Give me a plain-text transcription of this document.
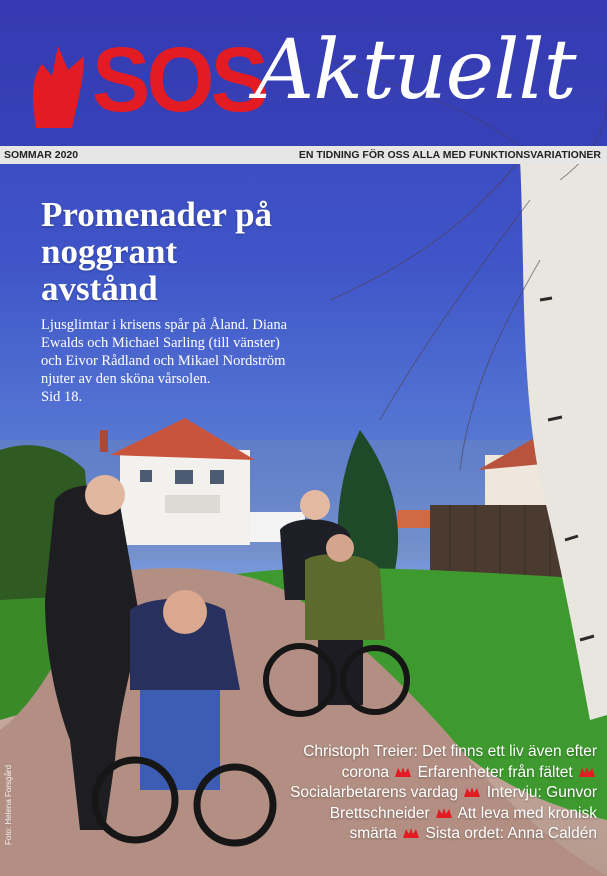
SOS
Aktuellt
SOMMAR 2020	EN TIDNING FÖR OSS ALLA MED FUNKTIONSVARIATIONER
Promenader på noggrant avstånd
Ljusglimtar i krisens spår på Åland. Diana Ewalds och Michael Sarling (till vänster) och Eivor Rådland och Mikael Nordström njuter av den sköna vårsolen.
Sid 18.
Foto: Helena Forsgård
Christoph Treier: Det finns ett liv även efter corona Erfarenheter från fältet  Socialarbetarens vardag Intervju: Gunvor Brettschneider Att leva med kronisk smärta Sista ordet: Anna Caldén
